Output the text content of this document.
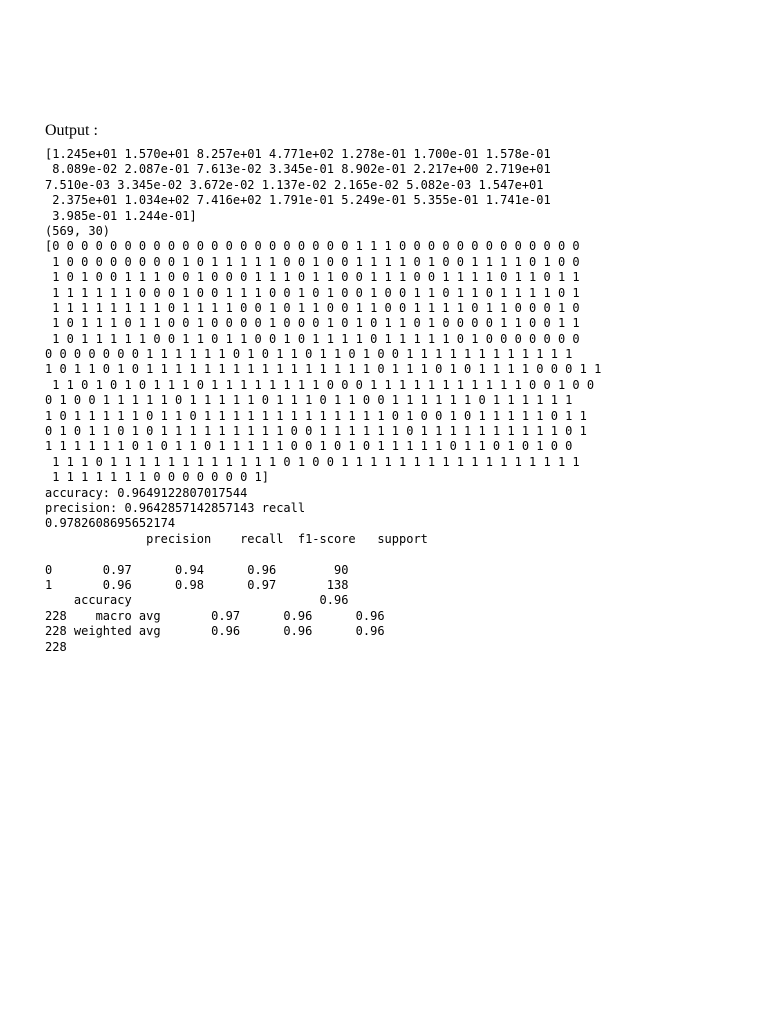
Output :
[1.245e+01 1.570e+01 8.257e+01 4.771e+02 1.278e-01 1.700e-01 1.578e-01
8.089e-02 2.087e-01 7.613e-02 3.345e-01 8.902e-01 2.217e+00 2.719e+01
7.510e-03 3.345e-02 3.672e-02 1.137e-02 2.165e-02 5.082e-03 1.547e+01
2.375e+01 1.034e+02 7.416e+02 1.791e-01 5.249e-01 5.355e-01 1.741e-01
3.985e-01 1.244e-01]
(569, 30)
[0 0 0 0 0 0 0 0 0 0 0 0 0 0 0 0 0 0 0 0 0 1 1 1 0 0 0 0 0 0 0 0 0 0 0 0 0
1 0 0 0 0 0 0 0 0 1 0 1 1 1 1 1 0 0 1 0 0 1 1 1 1 0 1 0 0 1 1 1 1 0 1 0 0
1 0 1 0 0 1 1 1 0 0 1 0 0 0 1 1 1 0 1 1 0 0 1 1 1 0 0 1 1 1 1 0 1 1 0 1 1
1 1 1 1 1 1 0 0 0 1 0 0 1 1 1 0 0 1 0 1 0 0 1 0 0 1 1 0 1 1 0 1 1 1 1 0 1
1 1 1 1 1 1 1 1 0 1 1 1 1 0 0 1 0 1 1 0 0 1 1 0 0 1 1 1 1 0 1 1 0 0 0 1 0
1 0 1 1 1 0 1 1 0 0 1 0 0 0 0 1 0 0 0 1 0 1 0 1 1 0 1 0 0 0 0 1 1 0 0 1 1
1 0 1 1 1 1 1 0 0 1 1 0 1 1 0 0 1 0 1 1 1 1 0 1 1 1 1 1 0 1 0 0 0 0 0 0 0
0 0 0 0 0 0 0 1 1 1 1 1 1 0 1 0 1 1 0 1 1 0 1 0 0 1 1 1 1 1 1 1 1 1 1 1 1
1 0 1 1 0 1 0 1 1 1 1 1 1 1 1 1 1 1 1 1 1 1 1 0 1 1 1 0 1 0 1 1 1 1 0 0 0 1 1
1 1 0 1 0 1 0 1 1 1 0 1 1 1 1 1 1 1 1 0 0 0 1 1 1 1 1 1 1 1 1 1 1 0 0 1 0 0
0 1 0 0 1 1 1 1 1 0 1 1 1 1 1 0 1 1 1 0 1 1 0 0 1 1 1 1 1 1 0 1 1 1 1 1 1
1 0 1 1 1 1 1 0 1 1 0 1 1 1 1 1 1 1 1 1 1 1 1 1 0 1 0 0 1 0 1 1 1 1 1 0 1 1
0 1 0 1 1 0 1 0 1 1 1 1 1 1 1 1 1 0 0 1 1 1 1 1 1 0 1 1 1 1 1 1 1 1 1 1 0 1
1 1 1 1 1 1 0 1 0 1 1 0 1 1 1 1 1 0 0 1 0 1 0 1 1 1 1 1 0 1 1 0 1 0 1 0 0
1 1 1 0 1 1 1 1 1 1 1 1 1 1 1 1 0 1 0 0 1 1 1 1 1 1 1 1 1 1 1 1 1 1 1 1 1
1 1 1 1 1 1 1 0 0 0 0 0 0 0 1]
accuracy: 0.9649122807017544
precision: 0.9642857142857143 recall
0.9782608695652174
precision    recall  f1-score   support
0       0.97      0.94      0.96        90
1       0.96      0.98      0.97       138
accuracy                          0.96
228    macro avg       0.97      0.96      0.96
228 weighted avg       0.96      0.96      0.96
228
